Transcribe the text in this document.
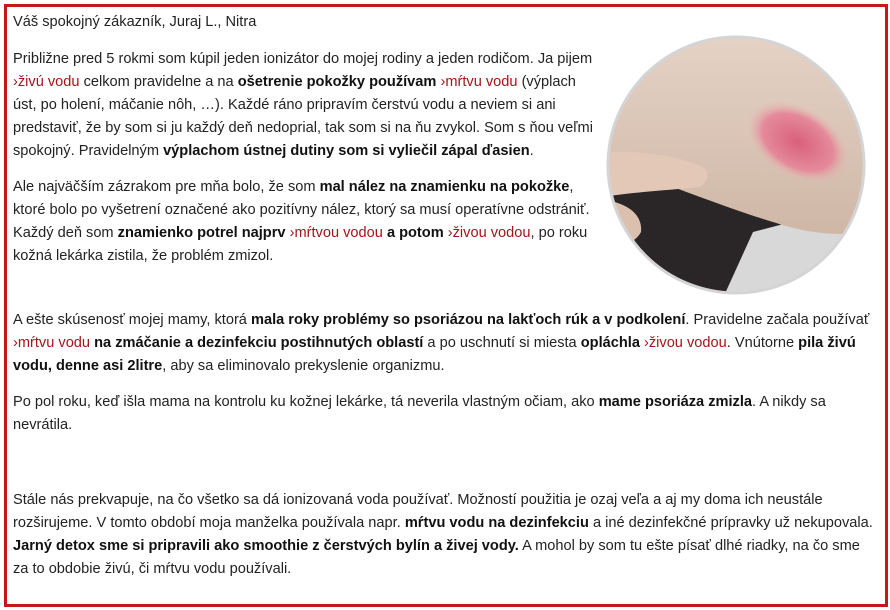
Váš spokojný zákazník, Juraj L., Nitra
Približne pred 5 rokmi som kúpil jeden ionizátor do mojej rodiny a jeden rodičom. Ja pijem ›živú vodu celkom pravidelne a na ošetrenie pokožky používam ›mŕtvu vodu (výplach úst, po holení, máčanie nôh, …). Každé ráno pripravím čerstvú vodu a neviem si ani predstaviť, že by som si ju každý deň nedoprial, tak som si na ňu zvykol. Som s ňou veľmi spokojný. Pravidelným výplachom ústnej dutiny som si vyliečil zápal ďasien.
Ale najväčším zázrakom pre mňa bolo, že som mal nález na znamienku na pokožke, ktoré bolo po vyšetrení označené ako pozitívny nález, ktorý sa musí operatívne odstrániť. Každý deň som znamienko potrel najprv ›mŕtvou vodou a potom ›živou vodou, po roku kožná lekárka zistila, že problém zmizol.
A ešte skúsenosť mojej mamy, ktorá mala roky problémy so psoriázou na lakťoch rúk a v podkolení. Pravidelne začala používať ›mŕtvu vodu na zmáčanie a dezinfekciu postihnutých oblastí a po uschnutí si miesta opláchla ›živou vodou. Vnútorne pila živú vodu, denne asi 2litre, aby sa eliminovalo prekyslenie organizmu.
Po pol roku, keď išla mama na kontrolu ku kožnej lekárke, tá neverila vlastným očiam, ako mame psoriáza zmizla. A nikdy sa nevrátila.
Stále nás prekvapuje, na čo všetko sa dá ionizovaná voda používať. Možností použitia je ozaj veľa a aj my doma ich neustále rozširujeme. V tomto období moja manželka používala napr. mŕtvu vodu na dezinfekciu a iné dezinfekčné prípravky už nekupovala. Jarný detox sme si pripravili ako smoothie z čerstvých bylín a živej vody. A mohol by som tu ešte písať dlhé riadky, na čo sme za to obdobie živú, či mŕtvu vodu používali.
